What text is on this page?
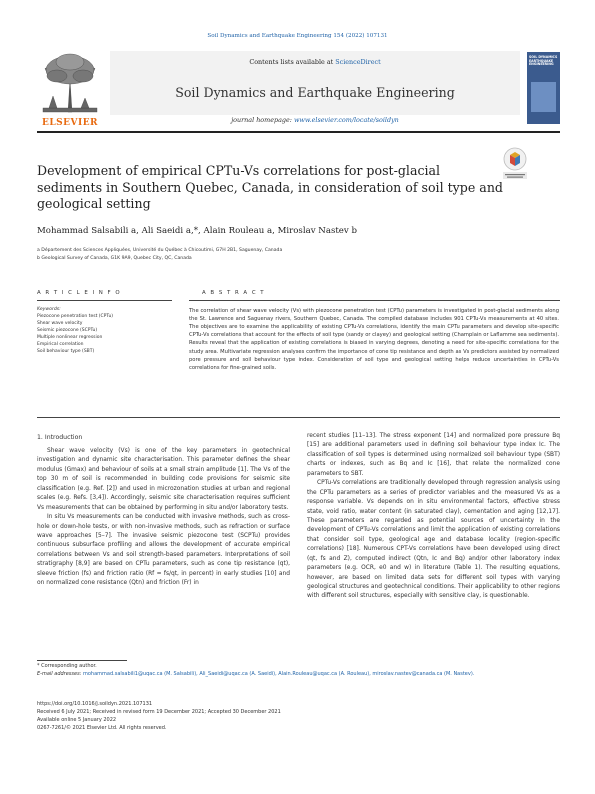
Soil Dynamics and Earthquake Engineering 154 (2022) 107131
ELSEVIER
Contents lists available at ScienceDirect
Soil Dynamics and Earthquake Engineering
journal homepage: www.elsevier.com/locate/soildyn
SOIL DYNAMICS EARTHQUAKE ENGINEERING
Development of empirical CPTu-Vs correlations for post-glacial sediments in Southern Quebec, Canada, in consideration of soil type and geological setting
Mohammad Salsabili a, Ali Saeidi a,*, Alain Rouleau a, Miroslav Nastev b
a Département des Sciences Appliquées, Université du Québec à Chicoutimi, G7H 2B1, Saguenay, Canada
b Geological Survey of Canada, G1K 9A9, Quebec City, QC, Canada
A R T I C L E I N F O	A B S T R A C T
Keywords:
Piezocone penetration test (CPTu)
Shear wave velocity
Seismic piezocone (SCPTu)
Multiple nonlinear regression
Empirical correlation
Soil behaviour type (SBT)
The correlation of shear wave velocity (Vs) with piezocone penetration test (CPTu) parameters is investigated in post-glacial sediments along the St. Lawrence and Saguenay rivers, Southern Quebec, Canada. The compiled database includes 901 CPTu-Vs measurements at 40 sites. The objectives are to examine the applicability of existing CPTu-Vs correlations, identify the main CPTu parameters and develop site-specific CPTu-Vs correlations that account for the effects of soil type (sandy or clayey) and geological setting (Champlain or Laflamme sea sediments). Results reveal that the application of existing correlations is biased in varying degrees, denoting a need for site-specific correlations for the study area. Multivariate regression analyses confirm the importance of cone tip resistance and depth as Vs predictors assisted by normalized pore pressure and soil behaviour type index. Consideration of soil type and geological setting helps reduce uncertainties in CPTu-Vs correlations for fine-grained soils.
1. Introduction

Shear wave velocity (Vs) is one of the key parameters in geotechnical investigation and dynamic site characterisation. This parameter defines the shear modulus (Gmax) and behaviour of soils at a small strain amplitude [1]. The Vs of the top 30 m of soil is recommended in building code provisions for seismic site classification (e.g. Ref. [2]) and used in microzonation studies at urban and regional scales (e.g. Refs. [3,4]). Accordingly, seismic site characterisation requires sufficient Vs measurements that can be obtained by performing in situ and/or laboratory tests.

In situ Vs measurements can be conducted with invasive methods, such as cross-hole or down-hole tests, or with non-invasive methods, such as refraction or surface wave approaches [5–7]. The invasive seismic piezocone test (SCPTu) provides continuous subsurface profiling and allows the development of accurate empirical correlations between Vs and soil strength-based parameters. Interpretations of soil stratigraphy [8,9] are based on CPTu parameters, such as cone tip resistance (qt), sleeve friction (fs) and friction ratio (Rf = fs/qt, in percent) in early studies [10] and on normalized cone resistance (Qtn) and friction (Fr) in

recent studies [11–13]. The stress exponent [14] and normalized pore pressure Bq [15] are additional parameters used in defining soil behaviour type index Ic. The classification of soil types is determined using normalized soil behaviour type (SBT) charts or indexes, such as Bq and Ic [16], that relate the normalized cone parameters to SBT.

CPTu-Vs correlations are traditionally developed through regression analysis using the CPTu parameters as a series of predictor variables and the measured Vs as a response variable. Vs depends on in situ environmental factors, effective stress state, void ratio, water content (in saturated clay), cementation and aging [12,17]. These parameters are regarded as potential sources of uncertainty in the development of CPTu-Vs correlations and limit the application of existing correlations that consider soil type, geological age and database locality (region-specific correlations) [18]. Numerous CPT-Vs correlations have been developed using direct (qt, fs and Z), computed indirect (Qtn, Ic and Bq) and/or other laboratory index parameters (e.g. OCR, e0 and w) in literature (Table 1). The resulting equations, however, are based on limited data sets for different soil types with varying geological structures and geotechnical conditions. Their applicability to other regions with different soil structures, especially with sensitive clay, is questionable.

* Corresponding author.
E-mail addresses: mohammad.salsabili1@uqac.ca (M. Salsabili), Ali_Saeidi@uqac.ca (A. Saeidi), Alain.Rouleau@uqac.ca (A. Rouleau), miroslav.nastev@canada.ca (M. Nastev).
https://doi.org/10.1016/j.soildyn.2021.107131
Received 6 July 2021; Received in revised form 19 December 2021; Accepted 30 December 2021
Available online 5 January 2022
0267-7261/© 2021 Elsevier Ltd. All rights reserved.
